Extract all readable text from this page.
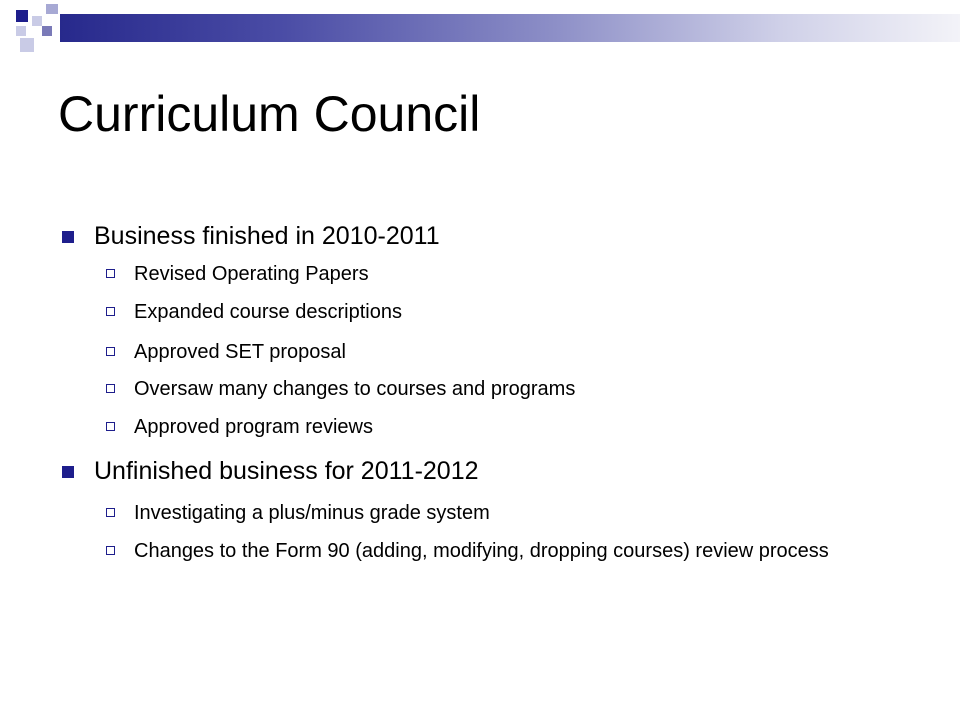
Curriculum Council
Business finished in 2010-2011
Revised Operating Papers
Expanded course descriptions
Approved SET proposal
Oversaw many changes to courses and programs
Approved program reviews
Unfinished business for 2011-2012
Investigating a plus/minus grade system
Changes to the Form 90 (adding, modifying, dropping courses) review process
